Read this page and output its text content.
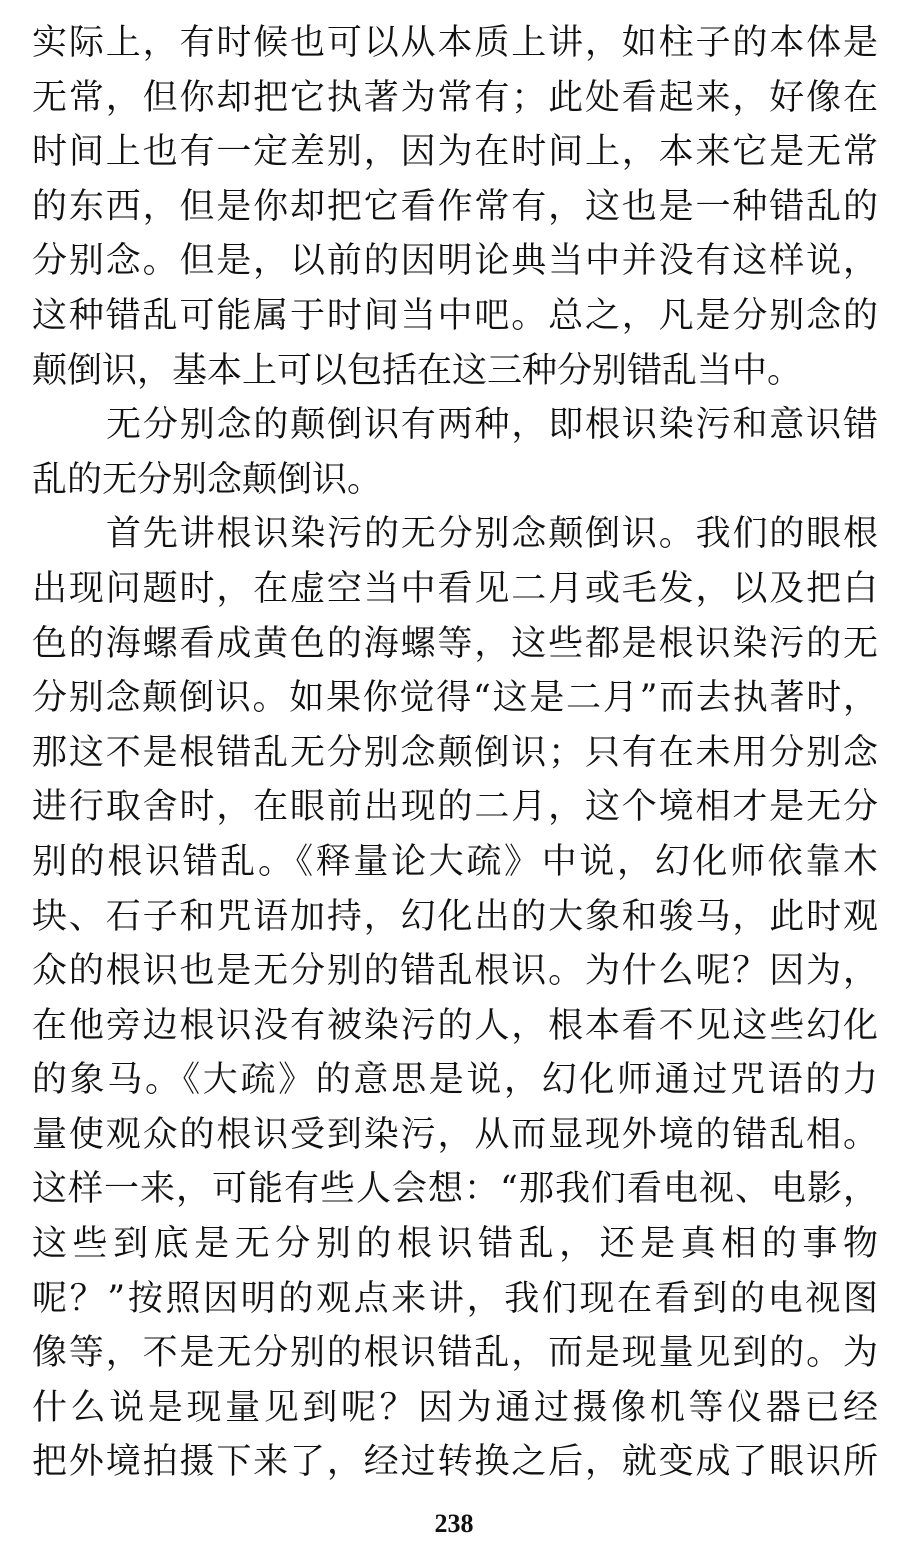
实际上，有时候也可以从本质上讲，如柱子的本体是
无常，但你却把它执著为常有；此处看起来，好像在
时间上也有一定差别，因为在时间上，本来它是无常
的东西，但是你却把它看作常有，这也是一种错乱的
分别念。但是，以前的因明论典当中并没有这样说，
这种错乱可能属于时间当中吧。总之，凡是分别念的
颠倒识，基本上可以包括在这三种分别错乱当中。
无分别念的颠倒识有两种，即根识染污和意识错
乱的无分别念颠倒识。
首先讲根识染污的无分别念颠倒识。我们的眼根
出现问题时，在虚空当中看见二月或毛发，以及把白
色的海螺看成黄色的海螺等，这些都是根识染污的无
分别念颠倒识。如果你觉得“这是二月”而去执著时，
那这不是根错乱无分别念颠倒识；只有在未用分别念
进行取舍时，在眼前出现的二月，这个境相才是无分
别的根识错乱。《释量论大疏》中说，幻化师依靠木
块、石子和咒语加持，幻化出的大象和骏马，此时观
众的根识也是无分别的错乱根识。为什么呢？因为，
在他旁边根识没有被染污的人，根本看不见这些幻化
的象马。《大疏》的意思是说，幻化师通过咒语的力
量使观众的根识受到染污，从而显现外境的错乱相。
这样一来，可能有些人会想：“那我们看电视、电影，
这些到底是无分别的根识错乱，还是真相的事物
呢？”按照因明的观点来讲，我们现在看到的电视图
像等，不是无分别的根识错乱，而是现量见到的。为
什么说是现量见到呢？因为通过摄像机等仪器已经
把外境拍摄下来了，经过转换之后，就变成了眼识所
238
